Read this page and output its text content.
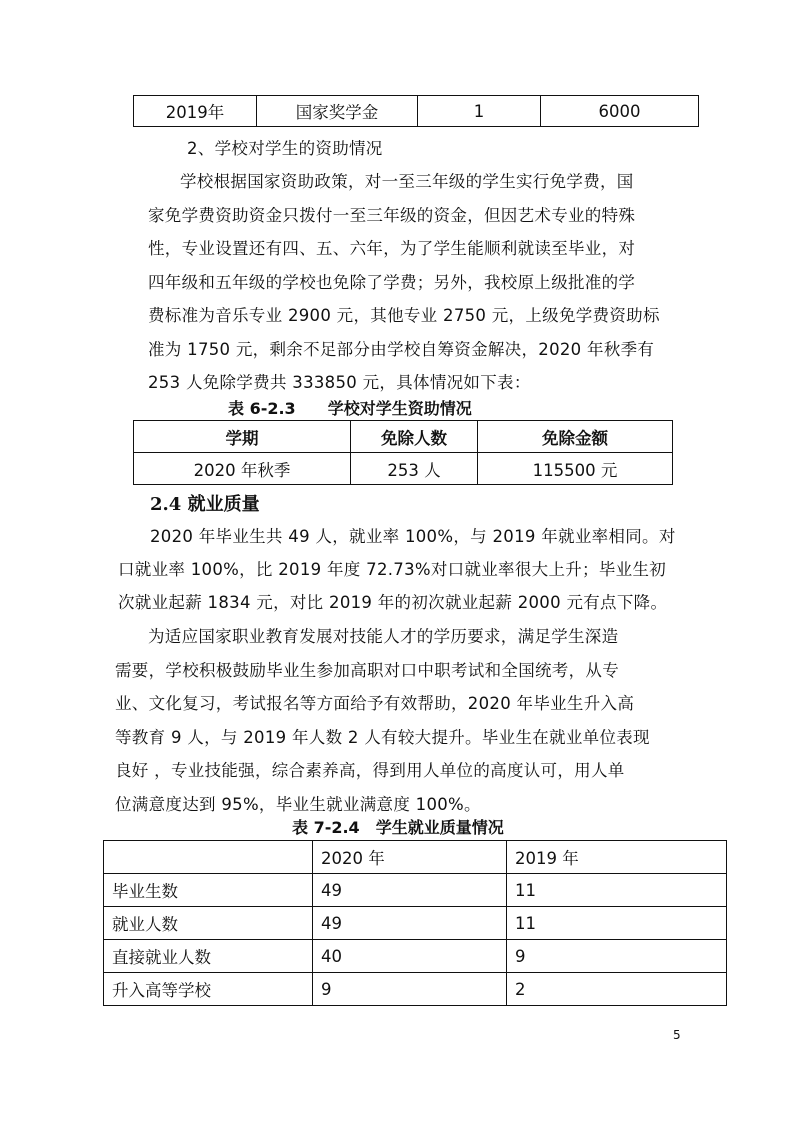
2019年	国家奖学金	1	6000
2、学校对学生的资助情况
学校根据国家资助政策，对一至三年级的学生实行免学费，国
家免学费资助资金只拨付一至三年级的资金，但因艺术专业的特殊
性，专业设置还有四、五、六年，为了学生能顺利就读至毕业，对
四年级和五年级的学校也免除了学费；另外，我校原上级批准的学
费标准为音乐专业 2900 元，其他专业 2750 元，上级免学费资助标
准为 1750 元，剩余不足部分由学校自筹资金解决，2020 年秋季有
253 人免除学费共 333850 元，具体情况如下表：
表 6-2.3　　学校对学生资助情况
学期	免除人数	免除金额
2020 年秋季	253 人	115500 元
2.4 就业质量
2020 年毕业生共 49 人，就业率 100%，与 2019 年就业率相同。对
口就业率 100%，比 2019 年度 72.73%对口就业率很大上升；毕业生初
次就业起薪 1834 元，对比 2019 年的初次就业起薪 2000 元有点下降。
为适应国家职业教育发展对技能人才的学历要求，满足学生深造
需要，学校积极鼓励毕业生参加高职对口中职考试和全国统考，从专
业、文化复习，考试报名等方面给予有效帮助，2020 年毕业生升入高
等教育 9 人，与 2019 年人数 2 人有较大提升。毕业生在就业单位表现
良好 ，专业技能强，综合素养高，得到用人单位的高度认可，用人单
位满意度达到 95%，毕业生就业满意度 100%。
表 7-2.4　学生就业质量情况
	2020 年	2019 年
毕业生数	49	11
就业人数	49	11
直接就业人数	40	9
升入高等学校	9	2
5
